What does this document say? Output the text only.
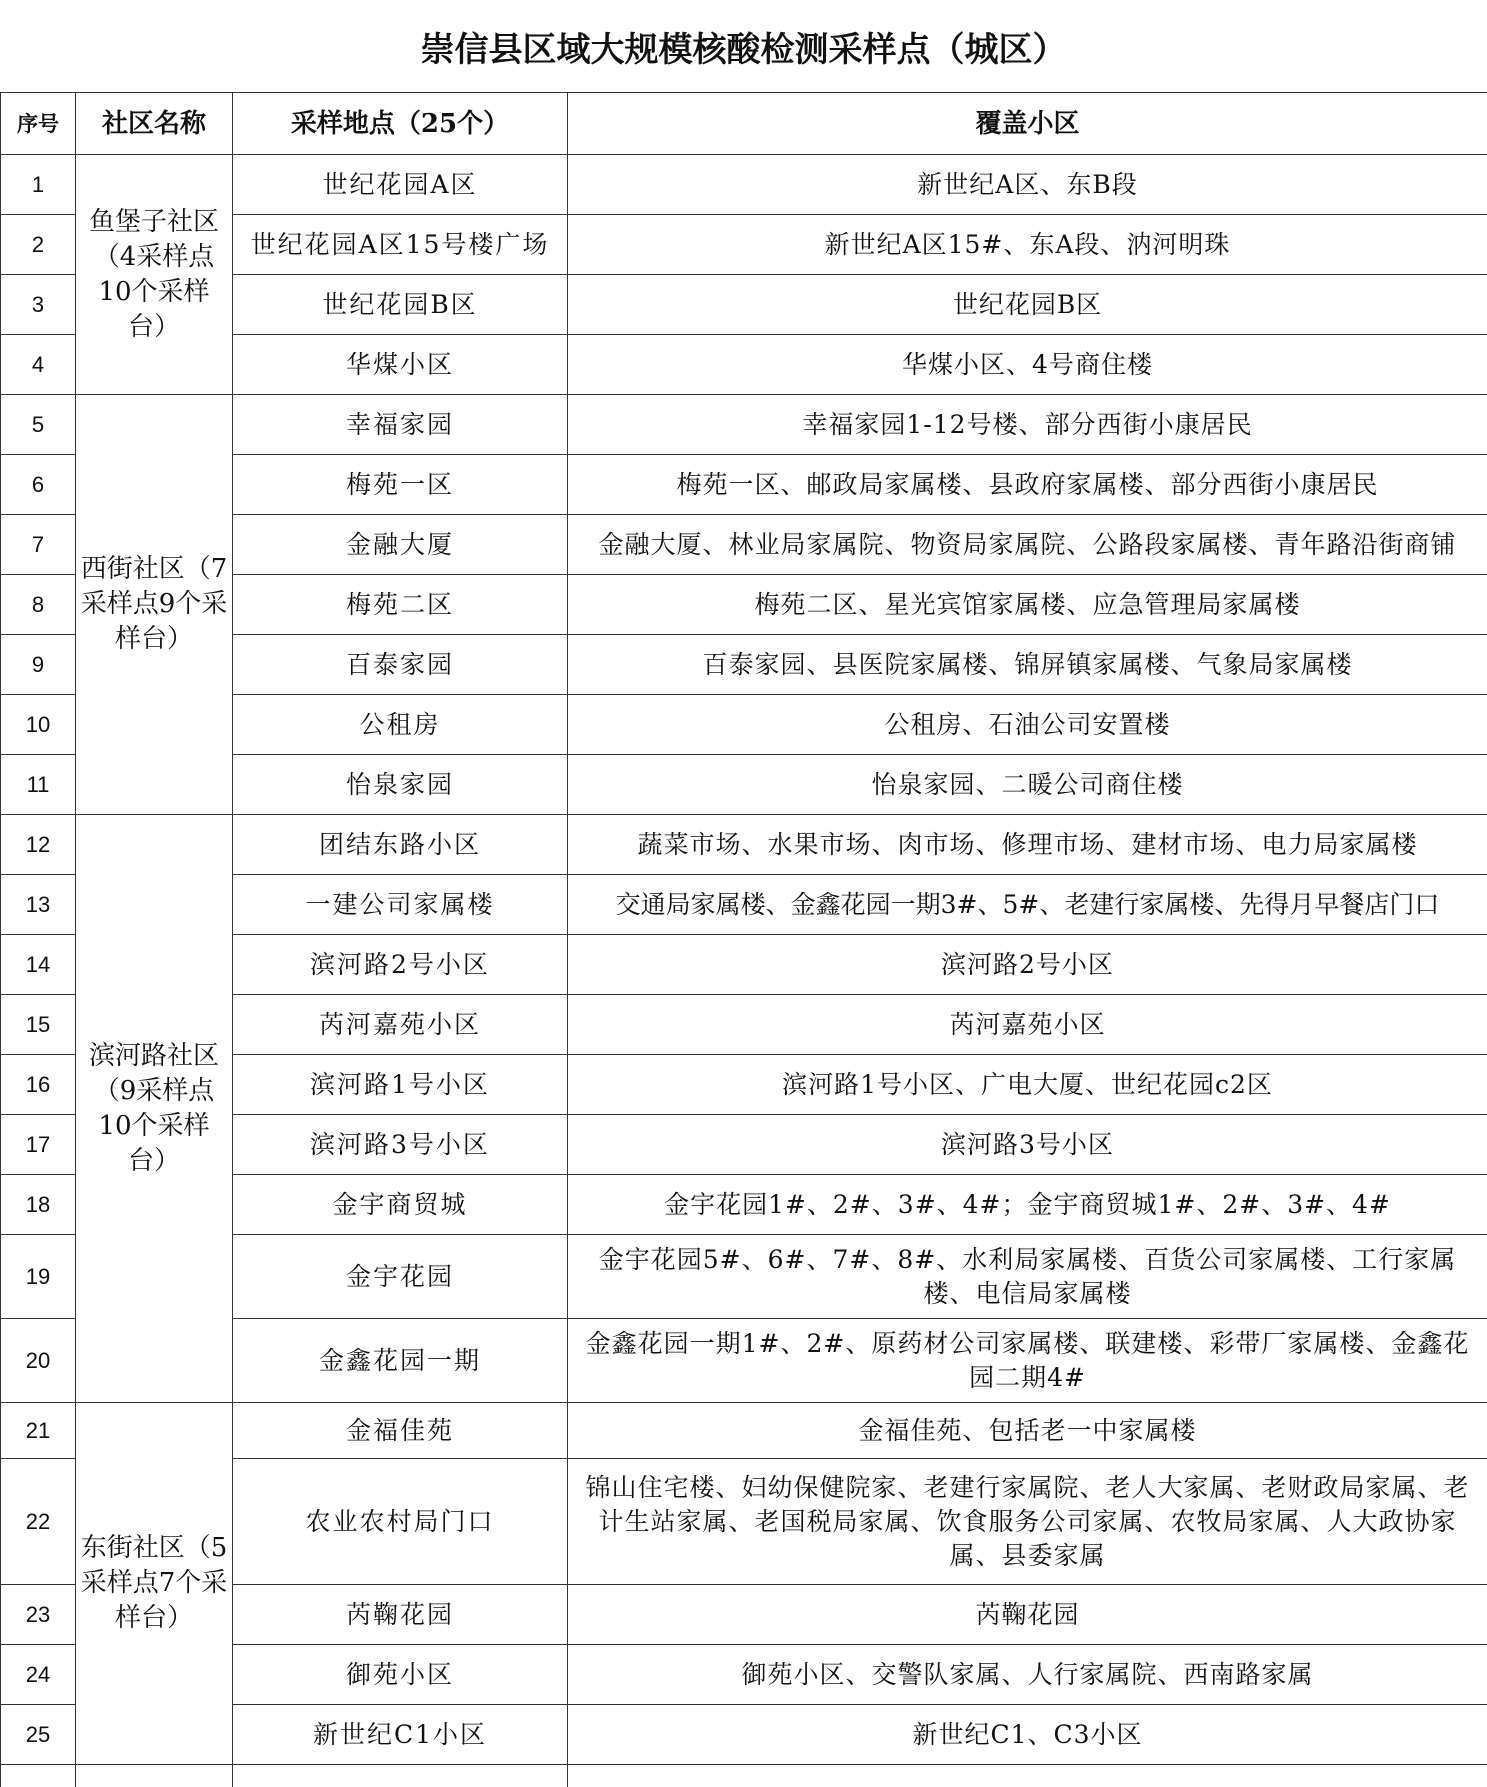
崇信县区域大规模核酸检测采样点（城区）
序号	社区名称	采样地点（25个）	覆盖小区
1	鱼堡子社区（4采样点10个采样台）	世纪花园A区	新世纪A区、东B段
2		世纪花园A区15号楼广场	新世纪A区15#、东A段、汭河明珠
3		世纪花园B区	世纪花园B区
4		华煤小区	华煤小区、4号商住楼
5	西街社区（7采样点9个采样台）	幸福家园	幸福家园1-12号楼、部分西街小康居民
6		梅苑一区	梅苑一区、邮政局家属楼、县政府家属楼、部分西街小康居民
7		金融大厦	金融大厦、林业局家属院、物资局家属院、公路段家属楼、青年路沿街商铺
8		梅苑二区	梅苑二区、星光宾馆家属楼、应急管理局家属楼
9		百泰家园	百泰家园、县医院家属楼、锦屏镇家属楼、气象局家属楼
10		公租房	公租房、石油公司安置楼
11		怡泉家园	怡泉家园、二暖公司商住楼
12	滨河路社区（9采样点10个采样台）	团结东路小区	蔬菜市场、水果市场、肉市场、修理市场、建材市场、电力局家属楼
13		一建公司家属楼	交通局家属楼、金鑫花园一期3#、5#、老建行家属楼、先得月早餐店门口
14		滨河路2号小区	滨河路2号小区
15		芮河嘉苑小区	芮河嘉苑小区
16		滨河路1号小区	滨河路1号小区、广电大厦、世纪花园c2区
17		滨河路3号小区	滨河路3号小区
18		金宇商贸城	金宇花园1#、2#、3#、4#；金宇商贸城1#、2#、3#、4#
19		金宇花园	金宇花园5#、6#、7#、8#、水利局家属楼、百货公司家属楼、工行家属楼、电信局家属楼
20		金鑫花园一期	金鑫花园一期1#、2#、原药材公司家属楼、联建楼、彩带厂家属楼、金鑫花园二期4#
21	东街社区（5采样点7个采样台）	金福佳苑	金福佳苑、包括老一中家属楼
22		农业农村局门口	锦山住宅楼、妇幼保健院家、老建行家属院、老人大家属、老财政局家属、老计生站家属、老国税局家属、饮食服务公司家属、农牧局家属、人大政协家属、县委家属
23		芮鞠花园	芮鞠花园
24		御苑小区	御苑小区、交警队家属、人行家属院、西南路家属
25		新世纪C1小区	新世纪C1、C3小区
